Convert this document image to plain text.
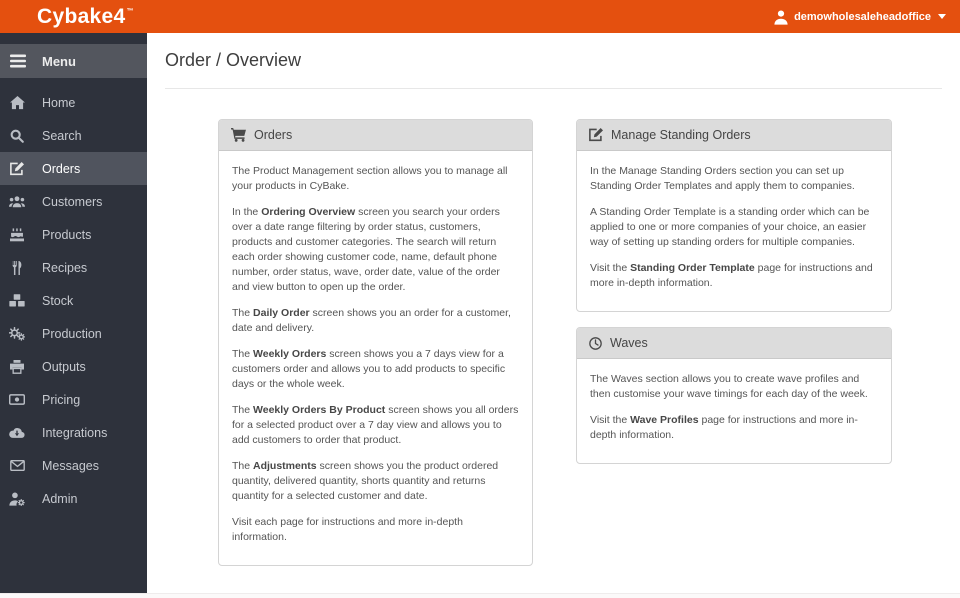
Cybake4™	demowholesaleheadoffice
Menu
Home
Search
Orders
Customers
Products
Recipes
Stock
Production
Outputs
Pricing
Integrations
Messages
Admin
Order / Overview
Orders

The Product Management section allows you to manage all your products in CyBake.

In the Ordering Overview screen you search your orders over a date range filtering by order status, customers, products and customer categories. The search will return each order showing customer code, name, default phone number, order status, wave, order date, value of the order and view button to open up the order.

The Daily Order screen shows you an order for a customer, date and delivery.

The Weekly Orders screen shows you a 7 days view for a customers order and allows you to add products to specific days or the whole week.

The Weekly Orders By Product screen shows you all orders for a selected product over a 7 day view and allows you to add customers to order that product.

The Adjustments screen shows you the product ordered quantity, delivered quantity, shorts quantity and returns quantity for a selected customer and date.

Visit each page for instructions and more in-depth information.

Manage Standing Orders

In the Manage Standing Orders section you can set up Standing Order Templates and apply them to companies.

A Standing Order Template is a standing order which can be applied to one or more companies of your choice, an easier way of setting up standing orders for multiple companies.

Visit the Standing Order Template page for instructions and more in-depth information.

Waves

The Waves section allows you to create wave profiles and then customise your wave timings for each day of the week.

Visit the Wave Profiles page for instructions and more in-depth information.
